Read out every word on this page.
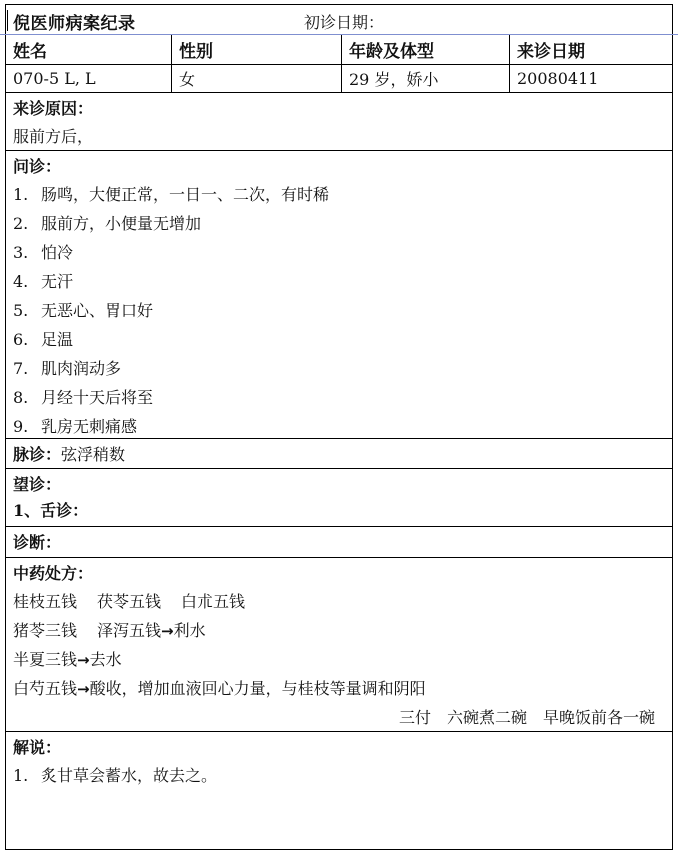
倪医师病案纪录	初诊日期：
姓名	性别	年龄及体型	来诊日期
070-5 L, L	女	29 岁，娇小	20080411
来诊原因：
服前方后，
问诊：
1. 肠鸣，大便正常，一日一、二次，有时稀
2. 服前方，小便量无增加
3. 怕冷
4. 无汗
5. 无恶心、胃口好
6. 足温
7. 肌肉润动多
8. 月经十天后将至
9. 乳房无刺痛感
脉诊：弦浮稍数
望诊：
1、舌诊：
诊断：
中药处方：
桂枝五钱 茯苓五钱 白朮五钱
猪苓三钱 泽泻五钱→利水
半夏三钱→去水
白芍五钱→酸收，增加血液回心力量，与桂枝等量调和阴阳
三付　六碗煮二碗　早晚饭前各一碗
解说：
1. 炙甘草会蓄水，故去之。
